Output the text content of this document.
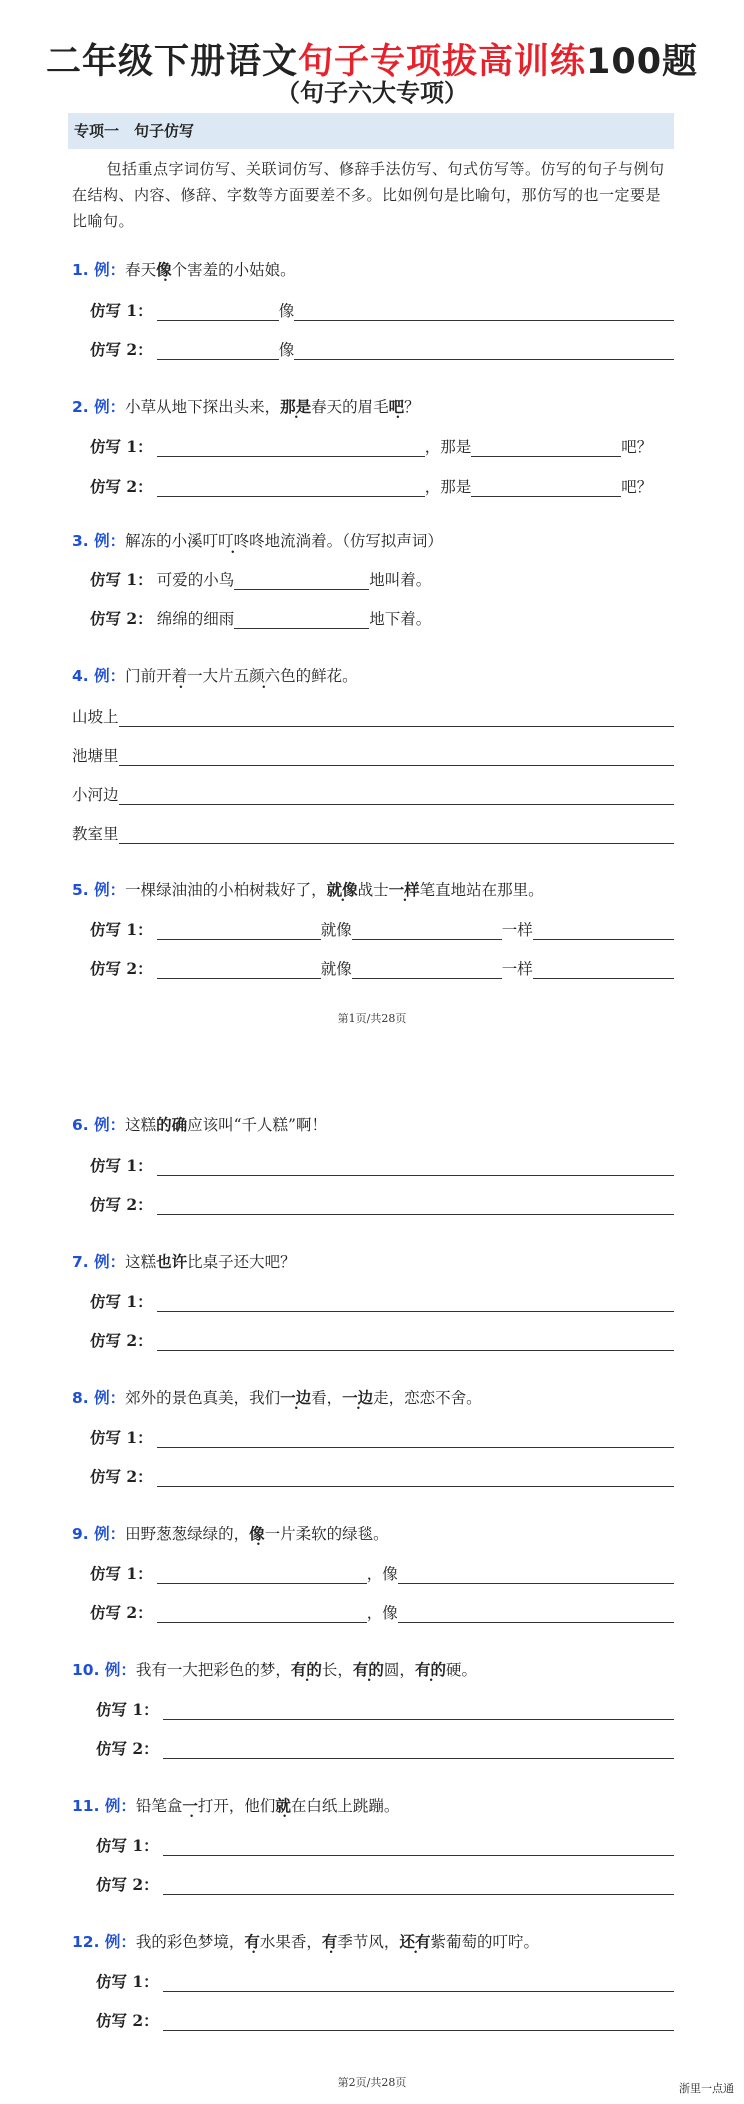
二年级下册语文句子专项拔高训练100题
（句子六大专项）
专项一　句子仿写
包括重点字词仿写、关联词仿写、修辞手法仿写、句式仿写等。仿写的句子与例句在结构、内容、修辞、字数等方面要差不多。比如例句是比喻句，那仿写的也一定要是比喻句。
1. 例：春天像个害羞的小姑娘。
仿写 1：	像
仿写 2：	像
2. 例：小草从地下探出头来，那是春天的眉毛吧？
仿写 1：	，那是	吧？
仿写 2：	，那是	吧？
3. 例：解冻的小溪叮叮咚咚地流淌着。（仿写拟声词）
仿写 1： 可爱的小鸟	地叫着。
仿写 2： 绵绵的细雨	地下着。
4. 例：门前开着一大片五颜六色的鲜花。
山坡上
池塘里
小河边
教室里
5. 例：一棵绿油油的小柏树栽好了，就像战士一样笔直地站在那里。
仿写 1：	就像	一样
仿写 2：	就像	一样
第1页/共28页
6. 例：这糕的确应该叫“千人糕”啊！
仿写 1：
仿写 2：
7. 例：这糕也许比桌子还大吧？
仿写 1：
仿写 2：
8. 例：郊外的景色真美，我们一边看，一边走，恋恋不舍。
仿写 1：
仿写 2：
9. 例：田野葱葱绿绿的，像一片柔软的绿毯。
仿写 1：	，像
仿写 2：	，像
10. 例：我有一大把彩色的梦，有的长，有的圆，有的硬。
仿写 1：
仿写 2：
11. 例：铅笔盒一打开，他们就在白纸上跳蹦。
仿写 1：
仿写 2：
12. 例：我的彩色梦境，有水果香，有季节风，还有紫葡萄的叮咛。
仿写 1：
仿写 2：
第2页/共28页	浙里一点通
